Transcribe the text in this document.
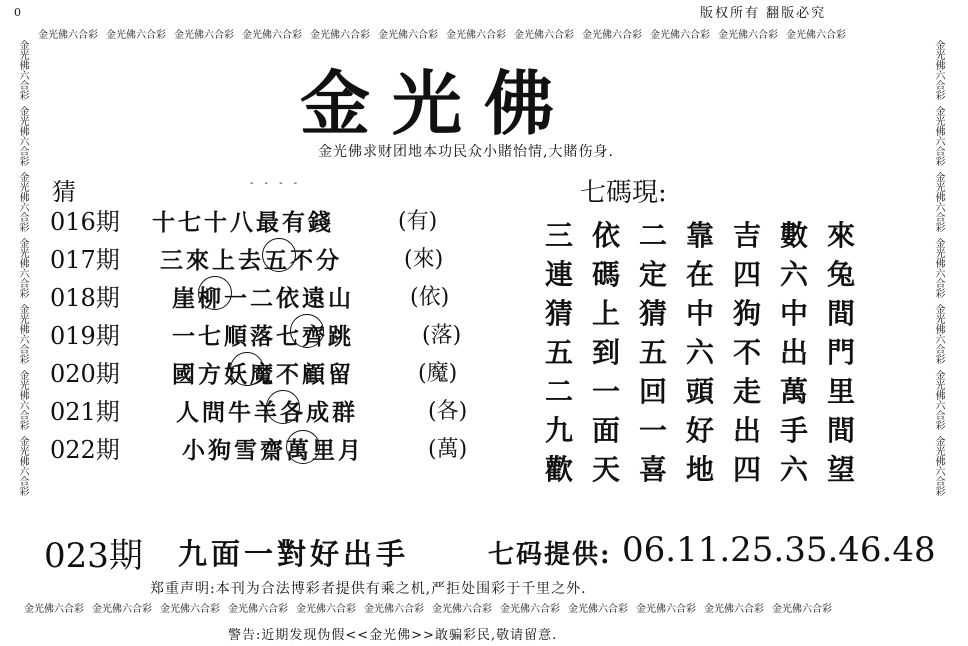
0	版权所有 翻版必究
金光佛六合彩 金光佛六合彩 金光佛六合彩 金光佛六合彩 金光佛六合彩 金光佛六合彩 金光佛六合彩 金光佛六合彩 金光佛六合彩 金光佛六合彩 金光佛六合彩 金光佛六合彩
金光佛六合彩 金光佛六合彩 金光佛六合彩 金光佛六合彩 金光佛六合彩 金光佛六合彩 金光佛六合彩 金光佛六合彩 金光佛六合彩 金光佛六合彩 金光佛六合彩 金光佛六合彩
金光佛六合彩
金光佛六合彩
金光佛六合彩
金光佛六合彩
金光佛六合彩
金光佛六合彩
金光佛六合彩
金光佛六合彩
金光佛六合彩
金光佛六合彩
金光佛六合彩
金光佛六合彩
金光佛六合彩
金光佛六合彩
金光佛
金光佛求财团地本功民众小賭怡情,大賭伤身.
猜	- - - -
016期 十七十八最有錢	(有)
017期 三來上去五不分	(來)
018期 崖柳一二依遠山	(依)
019期 一七順落七齊跳	(落)
020期 國方妖魔不顧留	(魔)
021期 人問牛羊各成群	(各)
022期	小狗雪齋萬里月	(萬)
七碼現:
三 依 二 靠 吉 數 來
連 碼 定 在 四 六 兔
猜 上 猜 中 狗 中 間
五 到 五 六 不 出 門
二 一 回 頭 走 萬 里
九 面 一 好 出 手 間
歡 天 喜 地 四 六 望
023期 九面一對好出手	七码提供: 06.11.25.35.46.48
郑重声明:本刊为合法博彩者提供有乘之机,严拒处围彩于千里之外.
警告:近期发现伪假<<金光佛>>敢骗彩民,敬请留意.
